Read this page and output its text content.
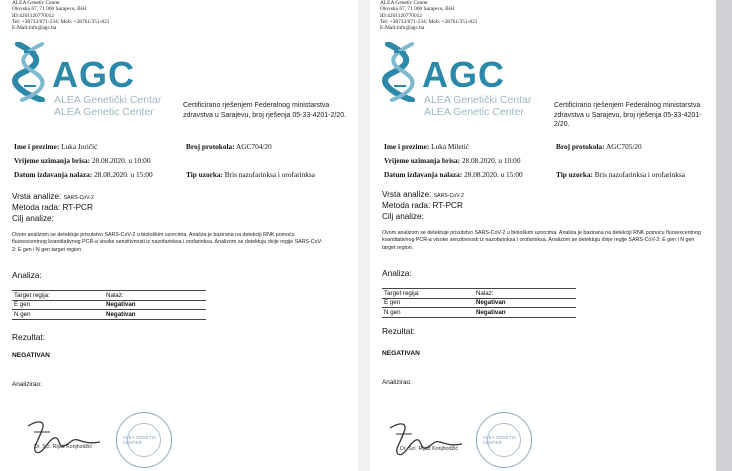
ALEA Genetic Center
Olovska 67, 71 000 Sarajevo, BiH
ID:4201120770012
Tel: +38733/671-234; Mob: +38761/351-821
E-Mail:info@agc.ba
AGC
ALEA Genetički Centar
ALEA Genetic Center
Certificirano rješenjem Federalnog ministarstva zdravstva u Sarajevu, broj rješenja 05-33-4201-2/20.
Ime i prezime: Luka Juričić	Broj protokola: AGC704/20
Vrijeme uzimanja brisa: 28.08.2020. u 10:00
Datum izdavanja nalaza: 28.08.2020. u 15:00	Tip uzorka: Bris nazofarinksa i orofarinksa
Vrsta analize: SARS-CoV-2
Metoda rada: RT-PCR
Cilj analize:
Ovom analizom se detektuje prisutstvo SARS-CoV-2 u biološkim uzorcima. Analiza je bazirana na detekciji RNK pomoću fluorescentnog kvantitativnog PCR-a visoke senzitivnosti iz nazofarinksa i orofarinksa. Analizom se detektuju dvije regije SARS-CoV-2: E gen i N gen target region.
Analiza:
Target regija:	Nalaz:
E gen	Negativan
N gen	Negativan
Rezultat:
NEGATIVAN
Analizirao:
Dr. Sci. Rijad Konjhodžić
ALEA GENETIC CENTER
ALEA Genetic Center
Olovska 67, 71 000 Sarajevo, BiH
ID:4201120770012
Tel: +38733/671-234; Mob: +38761/351-821
E-Mail:info@agc.ba
AGC
ALEA Genetički Centar
ALEA Genetic Center
Certificirano rješenjem Federalnog ministarstva zdravstva u Sarajevu, broj rješenja 05-33-4201-2/20.
Ime i prezime: Luka Miletić	Broj protokola: AGC705/20
Vrijeme uzimanja brisa: 28.08.2020. u 10:00
Datum izdavanja nalaza: 28.08.2020. u 15:00	Tip uzorka: Bris nazofarinksa i orofarinksa
Vrsta analize: SARS-CoV-2
Metoda rada: RT-PCR
Cilj analize:
Ovom analizom se detektuje prisutstvo SARS-CoV-2 u biološkim uzorcima. Analiza je bazirana na detekciji RNK pomoću fluorescentnog kvantitativnog PCR-a visoke senzitivnosti iz nazofarinksa i orofarinksa. Analizom se detektuju dvije regije SARS-CoV-2: E gen i N gen target region.
Analiza:
Target regija:	Nalaz:
E gen	Negativan
N gen	Negativan
Rezultat:
NEGATIVAN
Analizirao:
Dr. Sci. Rijad Konjhodžić
ALEA GENETIC CENTER
